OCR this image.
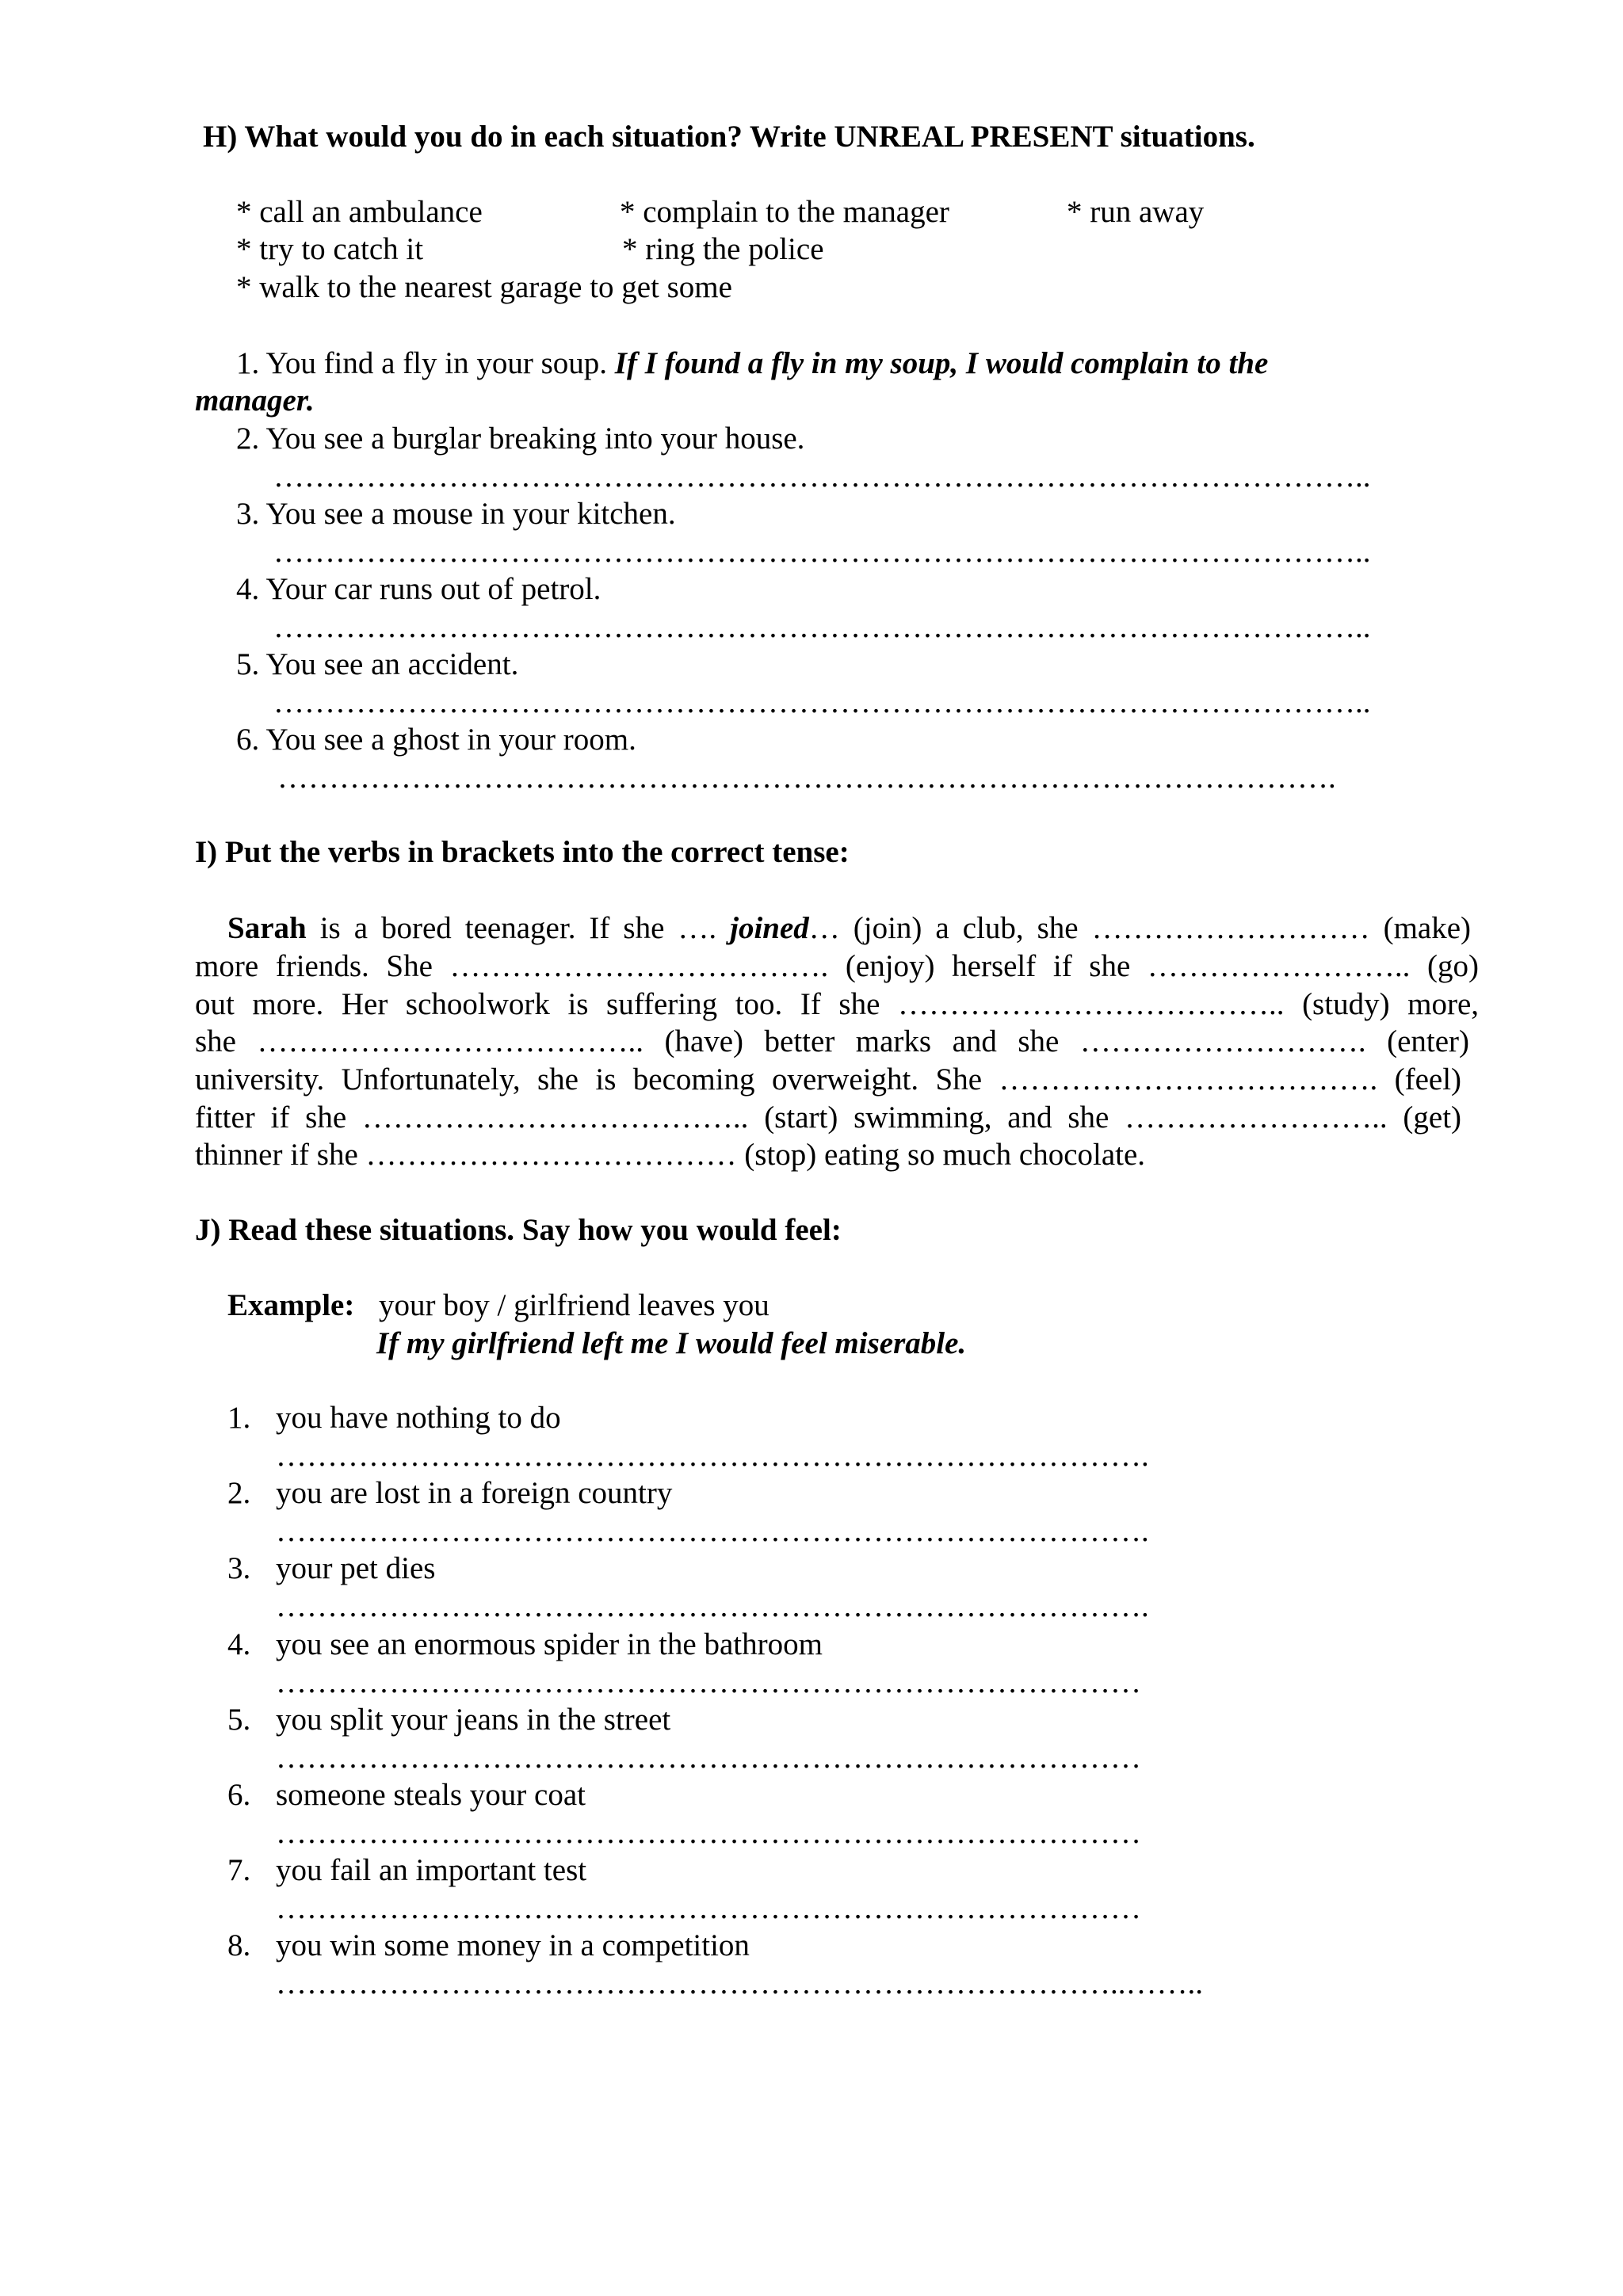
H) What would you do in each situation? Write UNREAL PRESENT situations.
* call an ambulance	* complain to the manager	* run away
* try to catch it	* ring the police
* walk to the nearest garage to get some
1. You find a fly in your soup. If I found a fly in my soup, I would complain to the
manager.
2. You see a burglar breaking into your house.
……………………………………………………………………………………………..
3. You see a mouse in your kitchen.
……………………………………………………………………………………………..
4. Your car runs out of petrol.
……………………………………………………………………………………………..
5. You see an accident.
……………………………………………………………………………………………..
6. You see a ghost in your room.
………………………………………………………………………………………….
I) Put the verbs in brackets into the correct tense:
Sarah is a bored teenager. If she …. joined… (join) a club, she ……………………… (make)
more friends. She ………………………………. (enjoy) herself if she …………………….. (go)
out more. Her schoolwork is suffering too. If she ……………………………….. (study) more,
she ……………………………….. (have) better marks and she ………………………. (enter)
university. Unfortunately, she is becoming overweight. She ………………………………. (feel)
fitter if she ……………………………….. (start) swimming, and she …………………….. (get)
thinner if she ……………………………… (stop) eating so much chocolate.
J) Read these situations. Say how you would feel:
Example: your boy / girlfriend leaves you
If my girlfriend left me I would feel miserable.
1. you have nothing to do
………………………………………………………………………….
2. you are lost in a foreign country
………………………………………………………………………….
3. your pet dies
………………………………………………………………………….
4. you see an enormous spider in the bathroom
…………………………………………………………………………
5. you split your jeans in the street
…………………………………………………………………………
6. someone steals your coat
…………………………………………………………………………
7. you fail an important test
…………………………………………………………………………
8. you win some money in a competition
………………………………………………………………………..……..
